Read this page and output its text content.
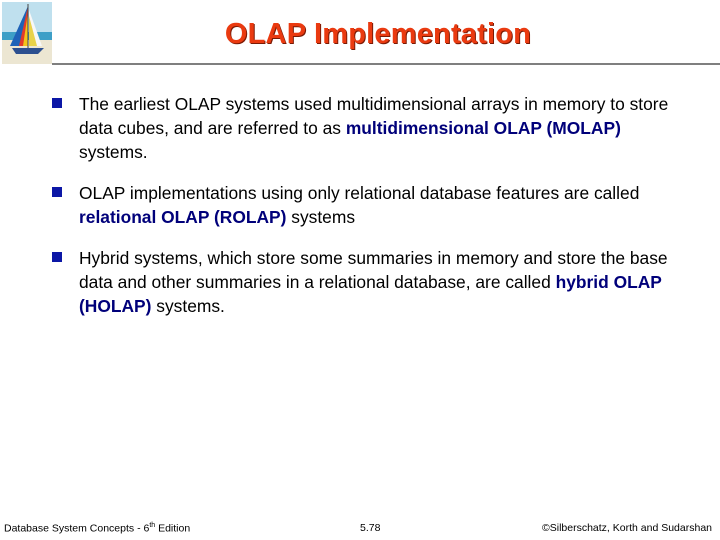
OLAP Implementation
The earliest OLAP systems used multidimensional arrays in memory to store data cubes, and are referred to as multidimensional OLAP (MOLAP) systems.
OLAP implementations using only relational database features are called relational OLAP (ROLAP) systems
Hybrid systems, which store some summaries in memory and store the base data and other summaries in a relational database, are called hybrid OLAP (HOLAP) systems.
Database System Concepts - 6th Edition	5.78	©Silberschatz, Korth and Sudarshan
